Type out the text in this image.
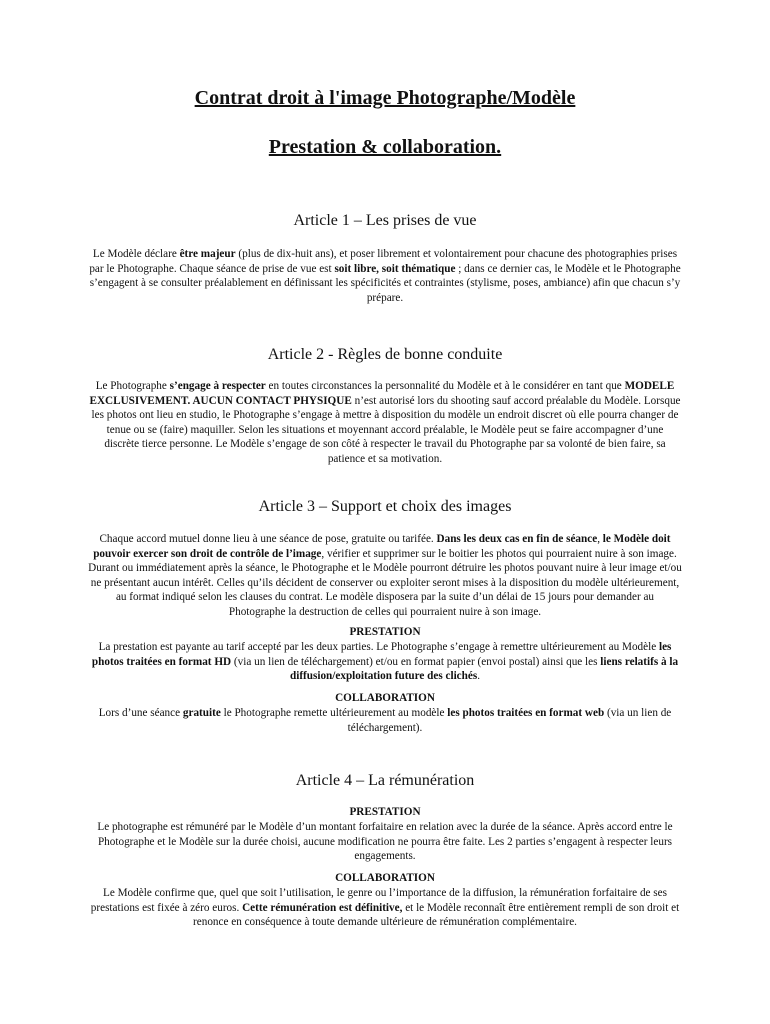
Contrat droit à l'image Photographe/Modèle
Prestation & collaboration.
Article 1 – Les prises de vue

Le Modèle déclare être majeur (plus de dix-huit ans), et poser librement et volontairement pour chacune des photographies prises par le Photographe. Chaque séance de prise de vue est soit libre, soit thématique ; dans ce dernier cas, le Modèle et le Photographe s’engagent à se consulter préalablement en définissant les spécificités et contraintes (stylisme, poses, ambiance) afin que chacun s’y prépare.

Article 2 - Règles de bonne conduite

Le Photographe s’engage à respecter en toutes circonstances la personnalité du Modèle et à le considérer en tant que MODELE EXCLUSIVEMENT. AUCUN CONTACT PHYSIQUE n’est autorisé lors du shooting sauf accord préalable du Modèle. Lorsque les photos ont lieu en studio, le Photographe s’engage à mettre à disposition du modèle un endroit discret où elle pourra changer de tenue ou se (faire) maquiller. Selon les situations et moyennant accord préalable, le Modèle peut se faire accompagner d’une discrète tierce personne. Le Modèle s’engage de son côté à respecter le travail du Photographe par sa volonté de bien faire, sa patience et sa motivation.

Article 3 – Support et choix des images

Chaque accord mutuel donne lieu à une séance de pose, gratuite ou tarifée. Dans les deux cas en fin de séance, le Modèle doit pouvoir exercer son droit de contrôle de l’image, vérifier et supprimer sur le boitier les photos qui pourraient nuire à son image. Durant ou immédiatement après la séance, le Photographe et le Modèle pourront détruire les photos pouvant nuire à leur image et/ou ne présentant aucun intérêt. Celles qu’ils décident de conserver ou exploiter seront mises à la disposition du modèle ultérieurement, au format indiqué selon les clauses du contrat. Le modèle disposera par la suite d’un délai de 15 jours pour demander au Photographe la destruction de celles qui pourraient nuire à son image.

PRESTATION

La prestation est payante au tarif accepté par les deux parties. Le Photographe s’engage à remettre ultérieurement au Modèle les photos traitées en format HD (via un lien de téléchargement) et/ou en format papier (envoi postal) ainsi que les liens relatifs à la diffusion/exploitation future des clichés.

COLLABORATION

Lors d’une séance gratuite le Photographe remette ultérieurement au modèle les photos traitées en format web (via un lien de téléchargement).

Article 4 – La rémunération

PRESTATION

Le photographe est rémunéré par le Modèle d’un montant forfaitaire en relation avec la durée de la séance. Après accord entre le Photographe et le Modèle sur la durée choisi, aucune modification ne pourra être faite. Les 2 parties s’engagent à respecter leurs engagements.

COLLABORATION

Le Modèle confirme que, quel que soit l’utilisation, le genre ou l’importance de la diffusion, la rémunération forfaitaire de ses prestations est fixée à zéro euros. Cette rémunération est définitive, et le Modèle reconnaît être entièrement rempli de son droit et renonce en conséquence à toute demande ultérieure de rémunération complémentaire.
